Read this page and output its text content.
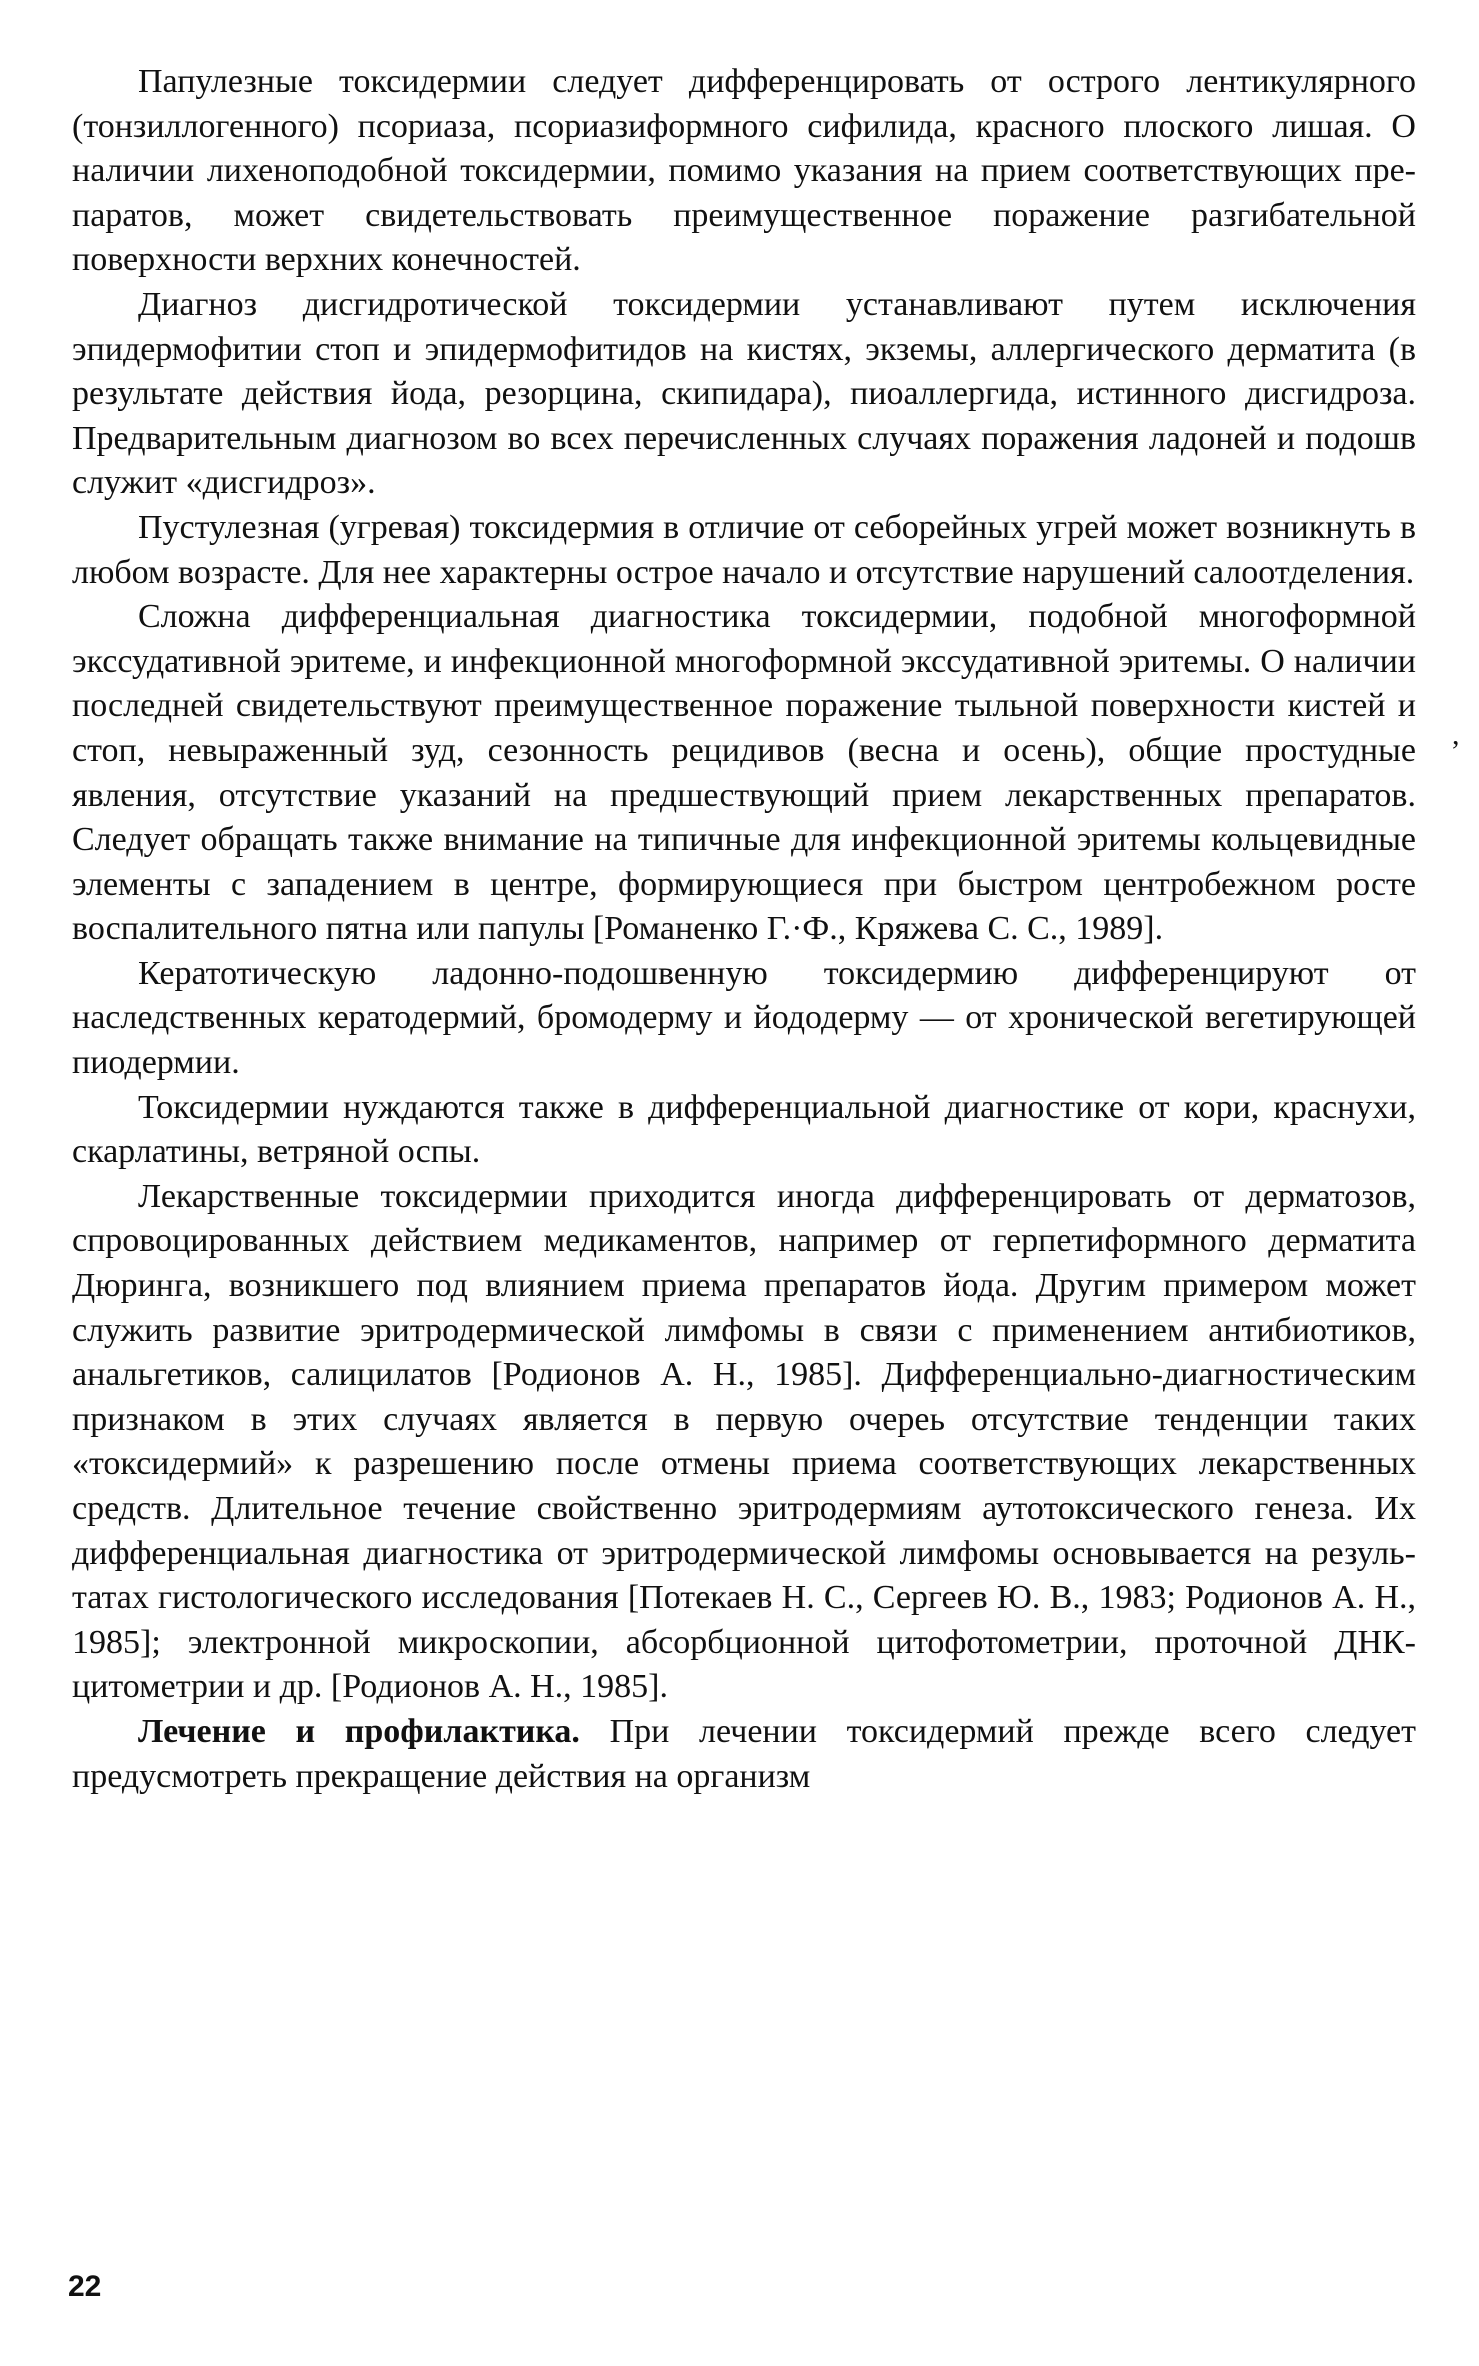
Папулезные токсидермии следует дифференцировать от острого лентикулярного (тонзиллогенного) псориаза, псориазиформного сифилида, красного плоского лишая. О наличии лихеноподобной токсидермии, помимо указания на прием соответствующих препаратов, может свидетельствовать преимущественное поражение разгибательной поверхности верхних конечностей.

Диагноз дисгидротической токсидермии устанавливают путем исключения эпидермофитии стоп и эпидермофитидов на кистях, экземы, аллергического дерматита (в результате действия йода, резорцина, скипидара), пиоаллергида, истинного дисгидроза. Предварительным диагнозом во всех перечисленных случаях поражения ладоней и подошв служит «дисгидроз».

Пустулезная (угревая) токсидермия в отличие от себорейных угрей может возникнуть в любом возрасте. Для нее характерны острое начало и отсутствие нарушений салоотделения.

Сложна дифференциальная диагностика токсидермии, подобной многоформной экссудативной эритеме, и инфекционной многоформной экссудативной эритемы. О наличии последней свидетельствуют преимущественное поражение тыльной поверхности кистей и стоп, невыраженный зуд, сезонность рецидивов (весна и осень), общие простудные явления, отсутствие указаний на предшествующий прием лекарственных препаратов. Следует обращать также внимание на типичные для инфекционной эритемы кольцевидные элементы с западением в центре, формирующиеся при быстром центробежном росте воспалительного пятна или папулы [Романенко Г.·Ф., Кряжева С. С., 1989].

Кератотическую ладонно-подошвенную токсидермию дифференцируют от наследственных кератодермий, бромодерму и йододерму — от хронической вегетирующей пиодермии.

Токсидермии нуждаются также в дифференциальной диагностике от кори, краснухи, скарлатины, ветряной оспы.

Лекарственные токсидермии приходится иногда дифференцировать от дерматозов, спровоцированных действием медикаментов, например от герпетиформного дерматита Дюринга, возникшего под влиянием приема препаратов йода. Другим примером может служить развитие эритродермической лимфомы в связи с применением антибиотиков, анальгетиков, салицилатов [Родионов А. Н., 1985]. Дифференциально-диагностическим признаком в этих случаях является в первую очереь отсутствие тенденции таких «токсидермий» к разрешению после отмены приема соответствующих лекарственных средств. Длительное течение свойственно эритродермиям аутотоксического генеза. Их дифференциальная диагностика от эритродермической лимфомы основывается на результатах гистологического исследования [Потекаев Н. С., Сергеев Ю. В., 1983; Родионов А. Н., 1985]; электронной микроскопии, абсорбционной цитофотометрии, проточной ДНК-цитометрии и др. [Родионов А. Н., 1985].

Лечение и профилактика. При лечении токсидермий прежде всего следует предусмотреть прекращение действия на организм

,
22
